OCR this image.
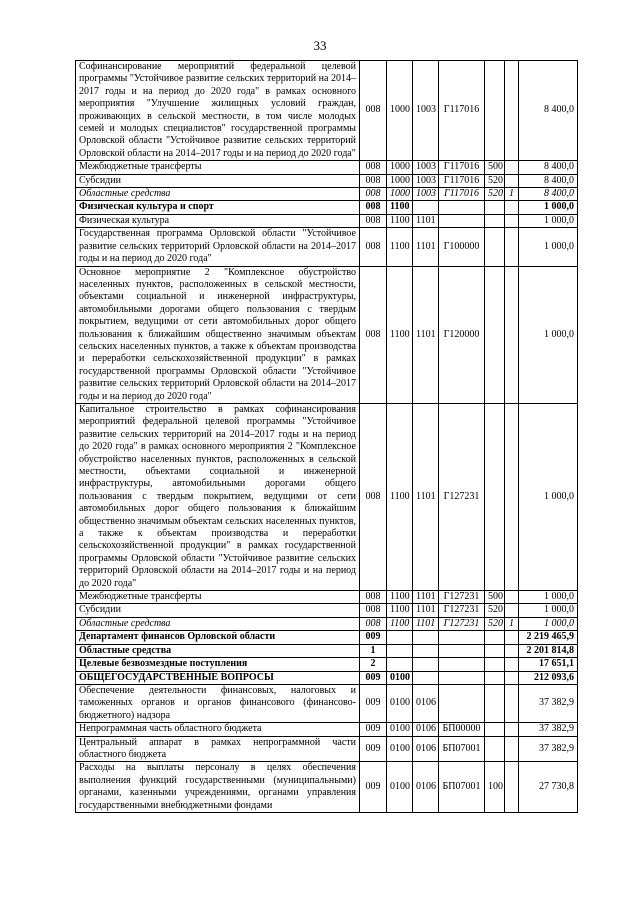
33
Софинансирование мероприятий федеральной целевой программы "Устойчивое развитие сельских территорий на 2014–2017 годы и на период до 2020 года" в рамках основного мероприятия "Улучшение жилищных условий граждан, проживающих в сельской местности, в том числе молодых семей и молодых специалистов" государственной программы Орловской области "Устойчивое развитие сельских территорий Орловской области на 2014–2017 годы и на период до 2020 года"	008	1000	1003	Г117016			8 400,0
Межбюджетные трансферты	008	1000	1003	Г117016	500		8 400,0
Субсидии	008	1000	1003	Г117016	520		8 400,0
Областные средства	008	1000	1003	Г117016	520	1	8 400,0
Физическая культура и спорт	008	1100					1 000,0
Физическая культура	008	1100	1101				1 000,0
Государственная программа Орловской области "Устойчивое развитие сельских территорий Орловской области на 2014–2017 годы и на период до 2020 года"	008	1100	1101	Г100000			1 000,0
Основное мероприятие 2 "Комплексное обустройство населенных пунктов, расположенных в сельской местности, объектами социальной и инженерной инфраструктуры, автомобильными дорогами общего пользования с твердым покрытием, ведущими от сети автомобильных дорог общего пользования к ближайшим общественно значимым объектам сельских населенных пунктов, а также к объектам производства и переработки сельскохозяйственной продукции" в рамках государственной программы Орловской области "Устойчивое развитие сельских территорий Орловской области на 2014–2017 годы и на период до 2020 года"	008	1100	1101	Г120000			1 000,0
Капитальное строительство в рамках софинансирования мероприятий федеральной целевой программы "Устойчивое развитие сельских территорий на 2014–2017 годы и на период до 2020 года" в рамках основного мероприятия 2 "Комплексное обустройство населенных пунктов, расположенных в сельской местности, объектами социальной и инженерной инфраструктуры, автомобильными дорогами общего пользования с твердым покрытием, ведущими от сети автомобильных дорог общего пользования к ближайшим общественно значимым объектам сельских населенных пунктов, а также к объектам производства и переработки сельскохозяйственной продукции" в рамках государственной программы Орловской области "Устойчивое развитие сельских территорий Орловской области на 2014–2017 годы и на период до 2020 года"	008	1100	1101	Г127231			1 000,0
Межбюджетные трансферты	008	1100	1101	Г127231	500		1 000,0
Субсидии	008	1100	1101	Г127231	520		1 000,0
Областные средства	008	1100	1101	Г127231	520	1	1 000,0
Департамент финансов Орловской области	009						2 219 465,9
Областные средства	1						2 201 814,8
Целевые безвозмездные поступления	2						17 651,1
ОБЩЕГОСУДАРСТВЕННЫЕ ВОПРОСЫ	009	0100					212 093,6
Обеспечение деятельности финансовых, налоговых и таможенных органов и органов финансового (финансово-бюджетного) надзора	009	0100	0106				37 382,9
Непрограммная часть областного бюджета	009	0100	0106	БП00000			37 382,9
Центральный аппарат в рамках непрограммной части областного бюджета	009	0100	0106	БП07001			37 382,9
Расходы на выплаты персоналу в целях обеспечения выполнения функций государственными (муниципальными) органами, казенными учреждениями, органами управления государственными внебюджетными фондами	009	0100	0106	БП07001	100		27 730,8
